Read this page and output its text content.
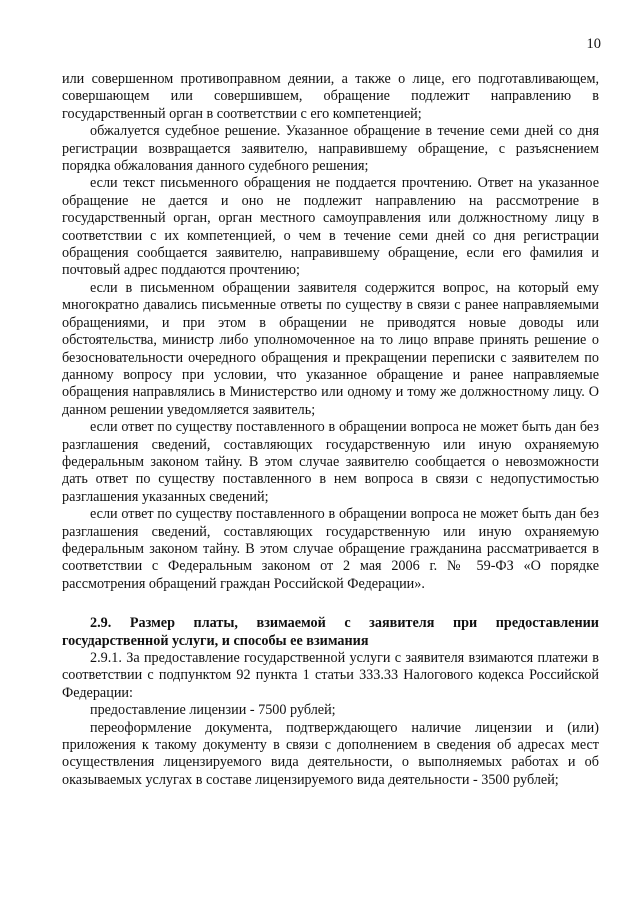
10

или совершенном противоправном деянии, а также о лице, его подготавливающем, совершающем или совершившем, обращение подлежит направлению в государственный орган в соответствии с его компетенцией;

обжалуется судебное решение. Указанное обращение в течение семи дней со дня регистрации возвращается заявителю, направившему обращение, с разъяснением порядка обжалования данного судебного решения;

если текст письменного обращения не поддается прочтению. Ответ на указанное обращение не дается и оно не подлежит направлению на рассмотрение в государственный орган, орган местного самоуправления или должностному лицу в соответствии с их компетенцией, о чем в течение семи дней со дня регистрации обращения сообщается заявителю, направившему обращение, если его фамилия и почтовый адрес поддаются прочтению;

если в письменном обращении заявителя содержится вопрос, на который ему многократно давались письменные ответы по существу в связи с ранее направляемыми обращениями, и при этом в обращении не приводятся новые доводы или обстоятельства, министр либо уполномоченное на то лицо вправе принять решение о безосновательности очередного обращения и прекращении переписки с заявителем по данному вопросу при условии, что указанное обращение и ранее направляемые обращения направлялись в Министерство или одному и тому же должностному лицу. О данном решении уведомляется заявитель;

если ответ по существу поставленного в обращении вопроса не может быть дан без разглашения сведений, составляющих государственную или иную охраняемую федеральным законом тайну. В этом случае заявителю сообщается о невозможности дать ответ по существу поставленного в нем вопроса в связи с недопустимостью разглашения указанных сведений;

если ответ по существу поставленного в обращении вопроса не может быть дан без разглашения сведений, составляющих государственную или иную охраняемую федеральным законом тайну. В этом случае обращение гражданина рассматривается в соответствии с Федеральным законом от 2 мая 2006 г. № 59-ФЗ «О порядке рассмотрения обращений граждан Российской Федерации».

2.9. Размер платы, взимаемой с заявителя при предоставлении государственной услуги, и способы ее взимания

2.9.1. За предоставление государственной услуги с заявителя взимаются платежи в соответствии с подпунктом 92 пункта 1 статьи 333.33 Налогового кодекса Российской Федерации:

предоставление лицензии - 7500 рублей;

переоформление документа, подтверждающего наличие лицензии и (или) приложения к такому документу в связи с дополнением в сведения об адресах мест осуществления лицензируемого вида деятельности, о выполняемых работах и об оказываемых услугах в составе лицензируемого вида деятельности - 3500 рублей;
